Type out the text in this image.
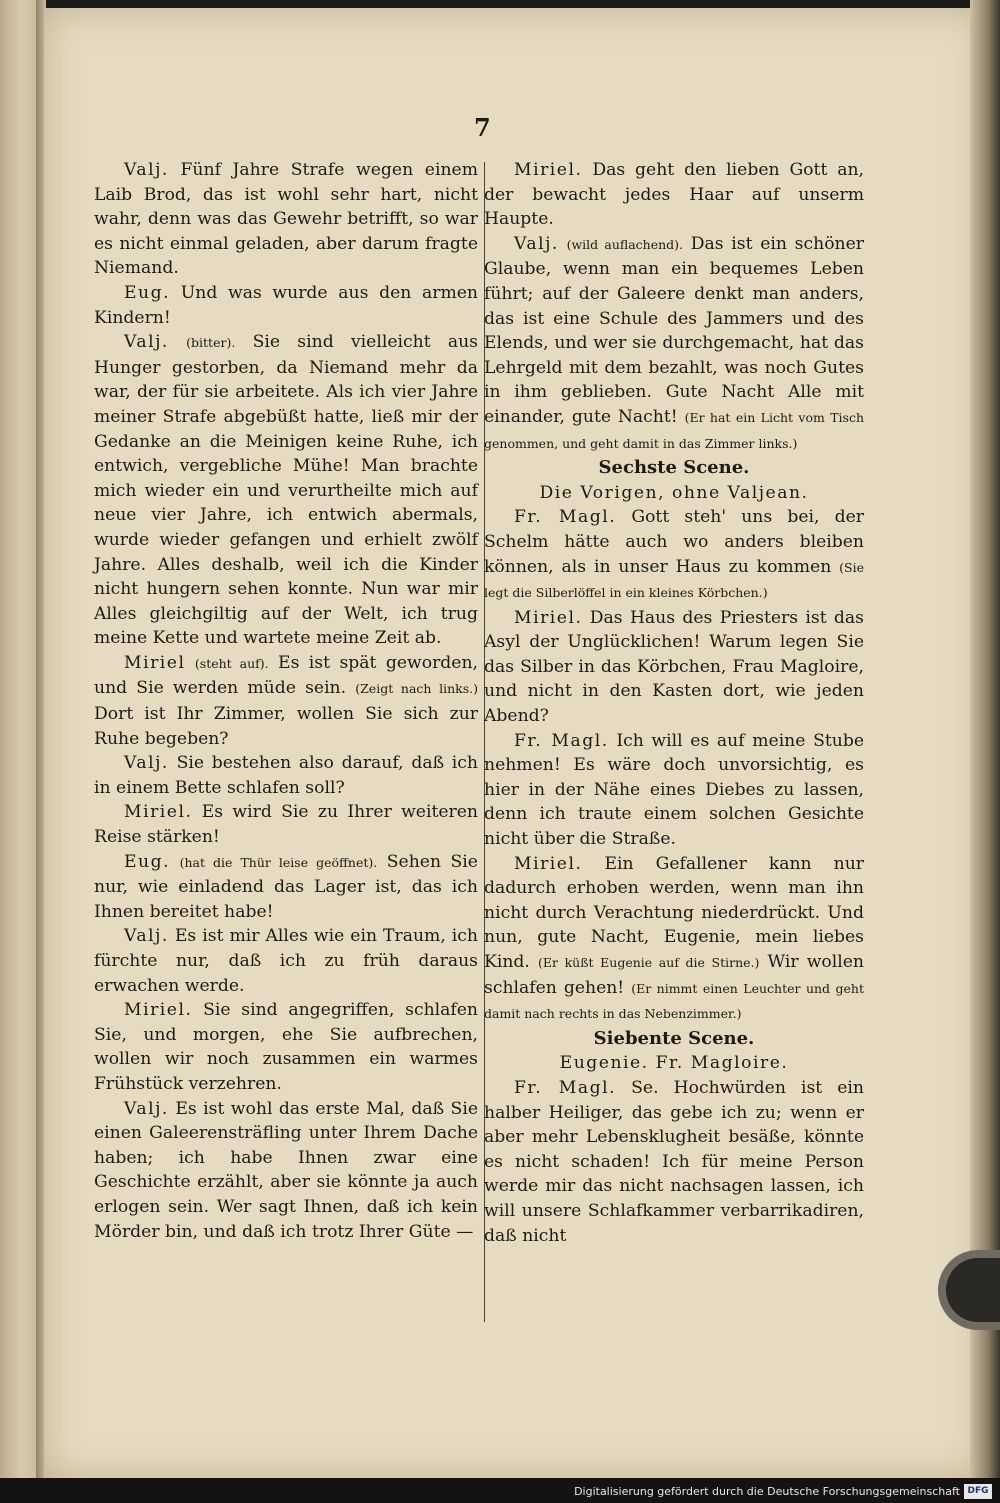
7

Valj. Fünf Jahre Strafe wegen einem Laib Brod, das ist wohl sehr hart, nicht wahr, denn was das Gewehr betrifft, so war es nicht einmal geladen, aber darum fragte Niemand.

Eug. Und was wurde aus den armen Kindern!

Valj. (bitter). Sie sind vielleicht aus Hunger gestorben, da Niemand mehr da war, der für sie arbeitete. Als ich vier Jahre meiner Strafe abgebüßt hatte, ließ mir der Gedanke an die Meinigen keine Ruhe, ich entwich, vergebliche Mühe! Man brachte mich wieder ein und verurtheilte mich auf neue vier Jahre, ich entwich abermals, wurde wieder gefangen und erhielt zwölf Jahre. Alles deshalb, weil ich die Kinder nicht hungern sehen konnte. Nun war mir Alles gleichgiltig auf der Welt, ich trug meine Kette und wartete meine Zeit ab.

Miriel (steht auf). Es ist spät geworden, und Sie werden müde sein. (Zeigt nach links.) Dort ist Ihr Zimmer, wollen Sie sich zur Ruhe begeben?

Valj. Sie bestehen also darauf, daß ich in einem Bette schlafen soll?

Miriel. Es wird Sie zu Ihrer weiteren Reise stärken!

Eug. (hat die Thür leise geöffnet). Sehen Sie nur, wie einladend das Lager ist, das ich Ihnen bereitet habe!

Valj. Es ist mir Alles wie ein Traum, ich fürchte nur, daß ich zu früh daraus erwachen werde.

Miriel. Sie sind angegriffen, schlafen Sie, und morgen, ehe Sie aufbrechen, wollen wir noch zusammen ein warmes Frühstück verzehren.

Valj. Es ist wohl das erste Mal, daß Sie einen Galeerensträfling unter Ihrem Dache haben; ich habe Ihnen zwar eine Geschichte erzählt, aber sie könnte ja auch erlogen sein. Wer sagt Ihnen, daß ich kein Mörder bin, und daß ich trotz Ihrer Güte —

Miriel. Das geht den lieben Gott an, der bewacht jedes Haar auf unserm Haupte.

Valj. (wild auflachend). Das ist ein schöner Glaube, wenn man ein bequemes Leben führt; auf der Galeere denkt man anders, das ist eine Schule des Jammers und des Elends, und wer sie durchgemacht, hat das Lehrgeld mit dem bezahlt, was noch Gutes in ihm geblieben. Gute Nacht Alle mit einander, gute Nacht! (Er hat ein Licht vom Tisch genommen, und geht damit in das Zimmer links.)

Sechste Scene.

Die Vorigen, ohne Valjean.

Fr. Magl. Gott steh' uns bei, der Schelm hätte auch wo anders bleiben können, als in unser Haus zu kommen (Sie legt die Silberlöffel in ein kleines Körbchen.)

Miriel. Das Haus des Priesters ist das Asyl der Unglücklichen! Warum legen Sie das Silber in das Körbchen, Frau Magloire, und nicht in den Kasten dort, wie jeden Abend?

Fr. Magl. Ich will es auf meine Stube nehmen! Es wäre doch unvorsichtig, es hier in der Nähe eines Diebes zu lassen, denn ich traute einem solchen Gesichte nicht über die Straße.

Miriel. Ein Gefallener kann nur dadurch erhoben werden, wenn man ihn nicht durch Verachtung niederdrückt. Und nun, gute Nacht, Eugenie, mein liebes Kind. (Er küßt Eugenie auf die Stirne.) Wir wollen schlafen gehen! (Er nimmt einen Leuchter und geht damit nach rechts in das Nebenzimmer.)

Siebente Scene.

Eugenie. Fr. Magloire.

Fr. Magl. Se. Hochwürden ist ein halber Heiliger, das gebe ich zu; wenn er aber mehr Lebensklugheit besäße, könnte es nicht schaden! Ich für meine Person werde mir das nicht nachsagen lassen, ich will unsere Schlafkammer verbarrikadiren, daß nicht

Digitalisierung gefördert durch die Deutsche Forschungsgemeinschaft DFG
